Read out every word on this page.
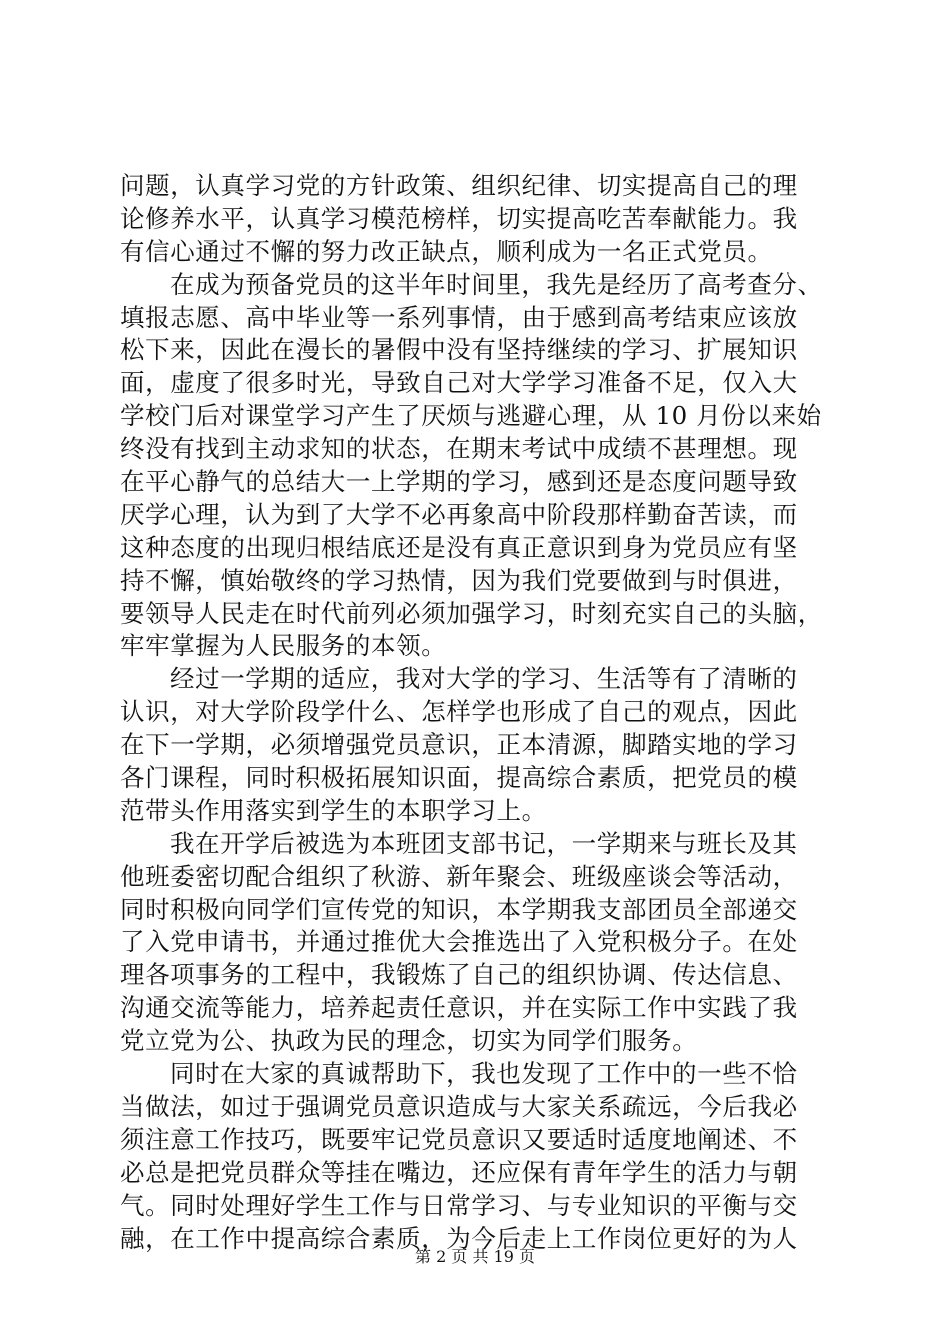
问题，认真学习党的方针政策、组织纪律、切实提高自己的理
论修养水平，认真学习模范榜样，切实提高吃苦奉献能力。我
有信心通过不懈的努力改正缺点，顺利成为一名正式党员。
在成为预备党员的这半年时间里，我先是经历了高考查分、
填报志愿、高中毕业等一系列事情，由于感到高考结束应该放
松下来，因此在漫长的暑假中没有坚持继续的学习、扩展知识
面，虚度了很多时光，导致自己对大学学习准备不足，仅入大
学校门后对课堂学习产生了厌烦与逃避心理，从 10 月份以来始
终没有找到主动求知的状态，在期末考试中成绩不甚理想。现
在平心静气的总结大一上学期的学习，感到还是态度问题导致
厌学心理，认为到了大学不必再象高中阶段那样勤奋苦读，而
这种态度的出现归根结底还是没有真正意识到身为党员应有坚
持不懈，慎始敬终的学习热情，因为我们党要做到与时俱进，
要领导人民走在时代前列必须加强学习，时刻充实自己的头脑，
牢牢掌握为人民服务的本领。
经过一学期的适应，我对大学的学习、生活等有了清晰的
认识，对大学阶段学什么、怎样学也形成了自己的观点，因此
在下一学期，必须增强党员意识，正本清源，脚踏实地的学习
各门课程，同时积极拓展知识面，提高综合素质，把党员的模
范带头作用落实到学生的本职学习上。
我在开学后被选为本班团支部书记，一学期来与班长及其
他班委密切配合组织了秋游、新年聚会、班级座谈会等活动，
同时积极向同学们宣传党的知识，本学期我支部团员全部递交
了入党申请书，并通过推优大会推选出了入党积极分子。在处
理各项事务的工程中，我锻炼了自己的组织协调、传达信息、
沟通交流等能力，培养起责任意识，并在实际工作中实践了我
党立党为公、执政为民的理念，切实为同学们服务。
同时在大家的真诚帮助下，我也发现了工作中的一些不恰
当做法，如过于强调党员意识造成与大家关系疏远，今后我必
须注意工作技巧，既要牢记党员意识又要适时适度地阐述、不
必总是把党员群众等挂在嘴边，还应保有青年学生的活力与朝
气。同时处理好学生工作与日常学习、与专业知识的平衡与交
融，在工作中提高综合素质，为今后走上工作岗位更好的为人
第 2 页 共 19 页
